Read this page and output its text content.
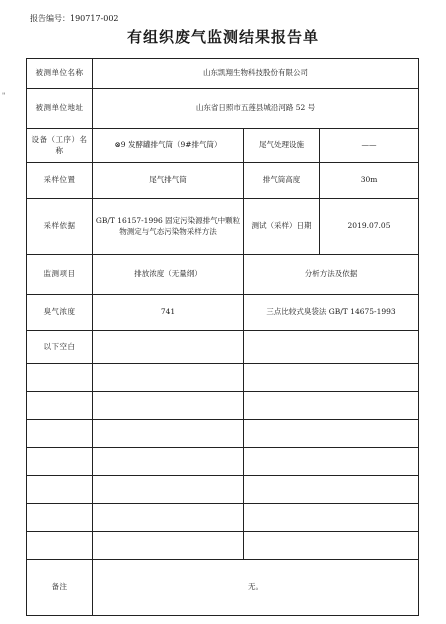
报告编号：190717-002
有组织废气监测结果报告单
"
被测单位名称	山东凯翔生物科技股份有限公司		
被测单位地址	山东省日照市五莲县城沿河路 52 号		
设备（工序）名称	⊗9 发酵罐排气筒（9#排气筒）	尾气处理设施	——
采样位置	尾气排气筒	排气筒高度	30m
采样依据	GB/T 16157-1996 固定污染源排气中颗粒物测定与气态污染物采样方法	测试（采样）日期	2019.07.05
监测项目	排放浓度（无量纲）	分析方法及依据	
臭气浓度	741	三点比较式臭袋法 GB/T 14675-1993	
以下空白			

备注	无。		
